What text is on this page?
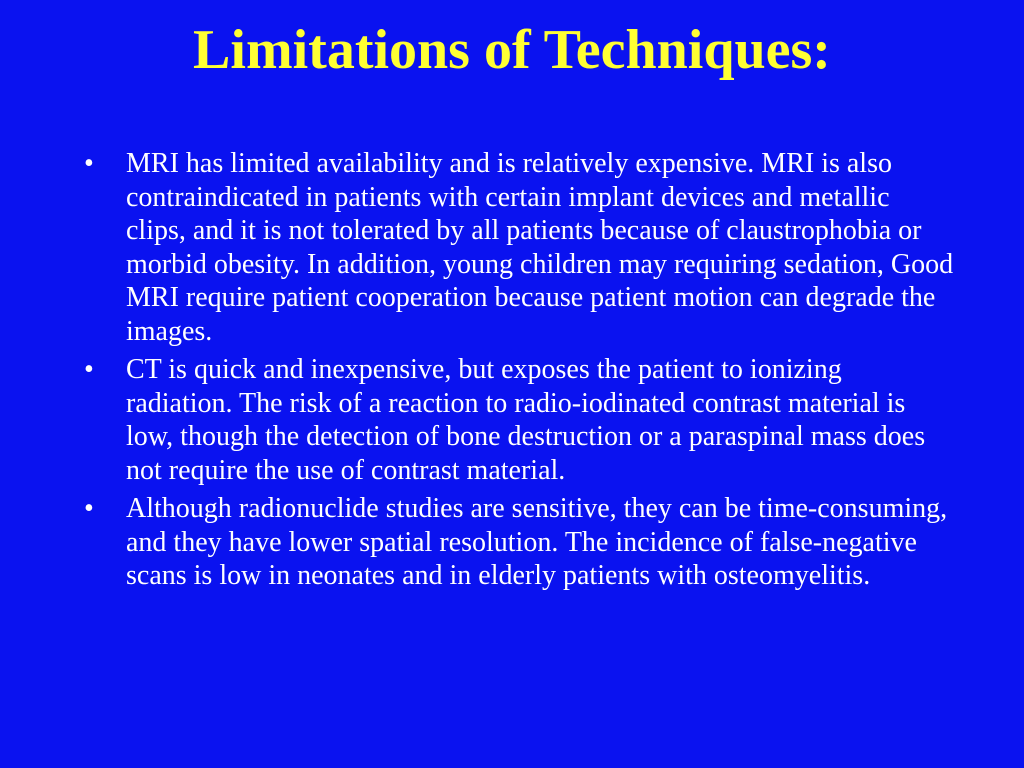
Limitations of Techniques:
•	MRI has limited availability and is relatively expensive. MRI is also contraindicated in patients with certain implant devices and metallic clips, and it is not tolerated by all patients because of claustrophobia or morbid obesity. In addition, young children may requiring sedation, Good MRI require patient cooperation because patient motion can degrade the images.
•	CT is quick and inexpensive, but exposes the patient to ionizing radiation. The risk of a reaction to radio-iodinated contrast material is low, though the detection of bone destruction or a paraspinal mass does not require the use of contrast material.
•	Although radionuclide studies are sensitive, they can be time-consuming, and they have lower spatial resolution. The incidence of false-negative scans is low in neonates and in elderly patients with osteomyelitis.
